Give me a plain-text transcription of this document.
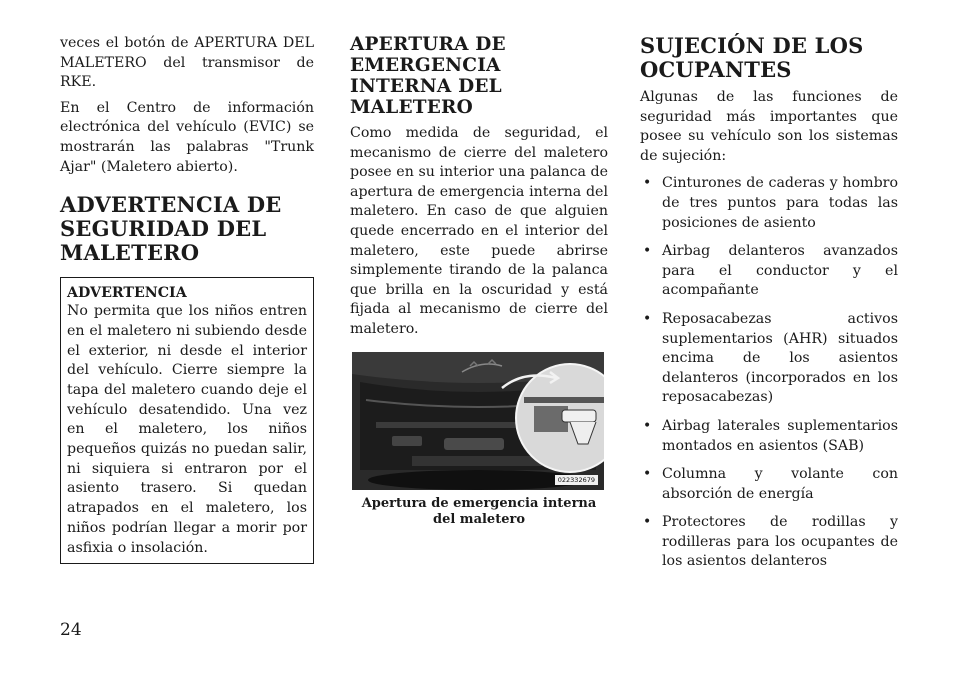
veces el botón de APERTURA DEL MALETERO del transmisor de RKE.

En el Centro de información electrónica del vehículo (EVIC) se mostrarán las palabras "Trunk Ajar" (Maletero abierto).

ADVERTENCIA DE SEGURIDAD DEL MALETERO

ADVERTENCIA

No permita que los niños entren en el maletero ni subiendo desde el exterior, ni desde el interior del vehículo. Cierre siempre la tapa del maletero cuando deje el vehículo desatendido. Una vez en el maletero, los niños pequeños quizás no puedan salir, ni siquiera si entraron por el asiento trasero. Si quedan atrapados en el maletero, los niños podrían llegar a morir por asfixia o insolación.

APERTURA DE EMERGENCIA INTERNA DEL MALETERO

Como medida de seguridad, el mecanismo de cierre del maletero posee en su interior una palanca de apertura de emergencia interna del maletero. En caso de que alguien quede encerrado en el interior del maletero, este puede abrirse simplemente tirando de la palanca que brilla en la oscuridad y está fijada al mecanismo de cierre del maletero.

022332679

Apertura de emergencia interna del maletero

SUJECIÓN DE LOS OCUPANTES

Algunas de las funciones de seguridad más importantes que posee su vehículo son los sistemas de sujeción:

• Cinturones de caderas y hombro de tres puntos para todas las posiciones de asiento
• Airbag delanteros avanzados para el conductor y el acompañante
• Reposacabezas activos suplementarios (AHR) situados encima de los asientos delanteros (incorporados en los reposacabezas)
• Airbag laterales suplementarios montados en asientos (SAB)
• Columna y volante con absorción de energía
• Protectores de rodillas y rodilleras para los ocupantes de los asientos delanteros
24
